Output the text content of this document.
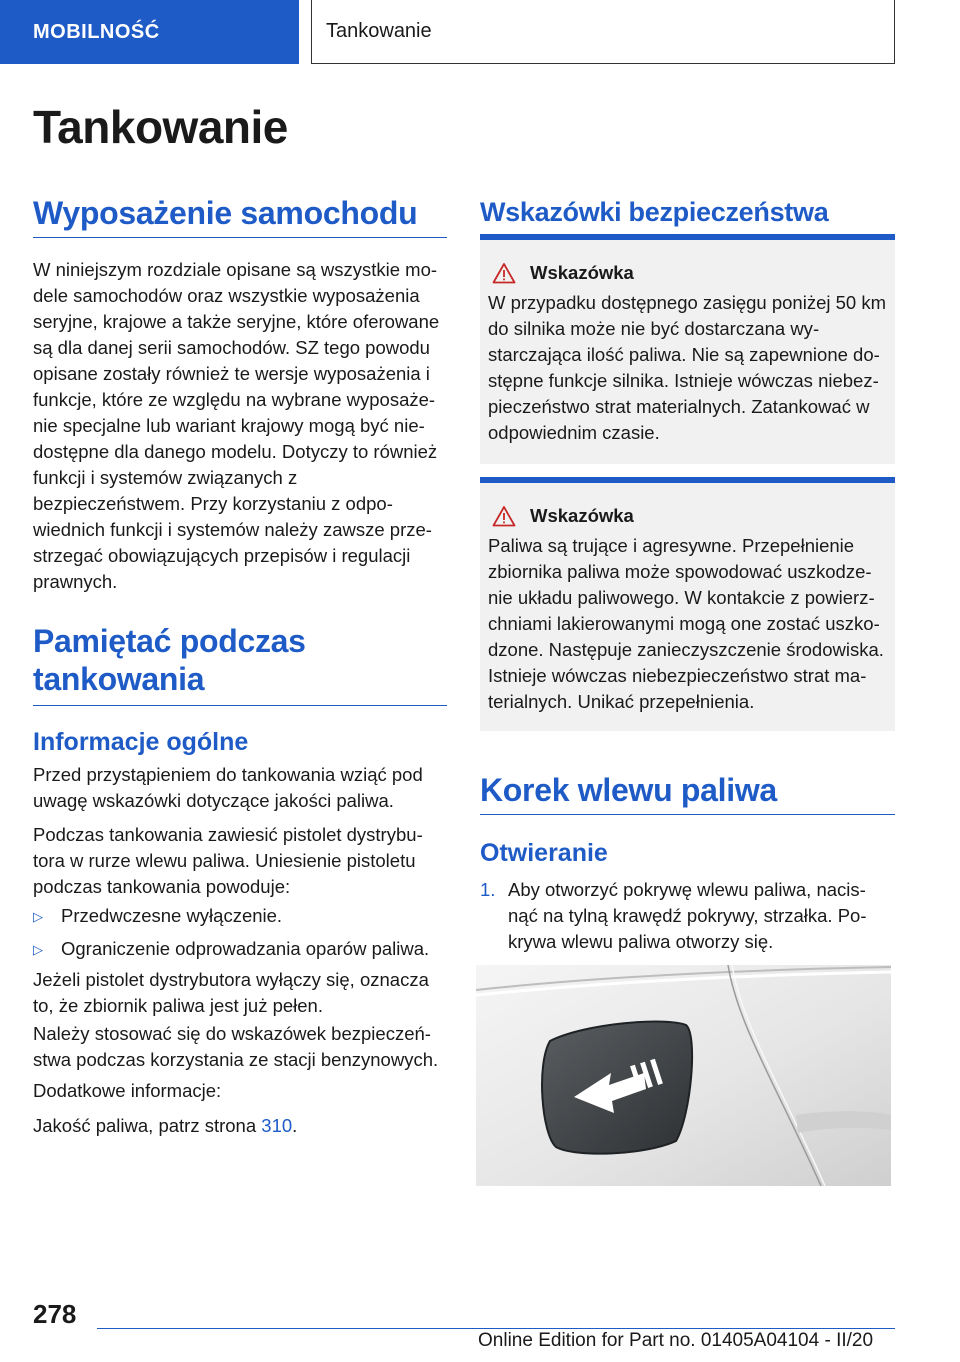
MOBILNOŚĆ	Tankowanie
Tankowanie
Wyposażenie samochodu
W niniejszym rozdziale opisane są wszystkie modele samochodów oraz wszystkie wyposażenia seryjne, krajowe a także seryjne, które oferowane są dla danej serii samochodów. SZ tego powodu opisane zostały również te wersje wyposażenia i funkcje, które ze względu na wybrane wyposażenie specjalne lub wariant krajowy mogą być niedostępne dla danego modelu. Dotyczy to również funkcji i systemów związanych z bezpieczeństwem. Przy korzystaniu z odpowiednich funkcji i systemów należy zawsze przestrzegać obowiązujących przepisów i regulacji prawnych.
Pamiętać podczas tankowania
Informacje ogólne
Przed przystąpieniem do tankowania wziąć pod uwagę wskazówki dotyczące jakości paliwa.
Podczas tankowania zawiesić pistolet dystrybutora w rurze wlewu paliwa. Uniesienie pistoletu podczas tankowania powoduje:
▷ Przedwczesne wyłączenie.
▷ Ograniczenie odprowadzania oparów paliwa.
Jeżeli pistolet dystrybutora wyłączy się, oznacza to, że zbiornik paliwa jest już pełen.
Należy stosować się do wskazówek bezpieczeństwa podczas korzystania ze stacji benzynowych.
Dodatkowe informacje:
Jakość paliwa, patrz strona 310.
Wskazówki bezpieczeństwa
Wskazówka
W przypadku dostępnego zasięgu poniżej 50 km do silnika może nie być dostarczana wystarczająca ilość paliwa. Nie są zapewnione dostępne funkcje silnika. Istnieje wówczas niebezpieczeństwo strat materialnych. Zatankować w odpowiednim czasie.
Wskazówka
Paliwa są trujące i agresywne. Przepełnienie zbiornika paliwa może spowodować uszkodzenie układu paliwowego. W kontakcie z powierzchniami lakierowanymi mogą one zostać uszkodzone. Następuje zanieczyszczenie środowiska. Istnieje wówczas niebezpieczeństwo strat materialnych. Unikać przepełnienia.
Korek wlewu paliwa
Otwieranie
1. Aby otworzyć pokrywę wlewu paliwa, nacisnąć na tylną krawędź pokrywy, strzałka. Pokrywa wlewu paliwa otworzy się.
278
Online Edition for Part no. 01405A04104 - II/20
